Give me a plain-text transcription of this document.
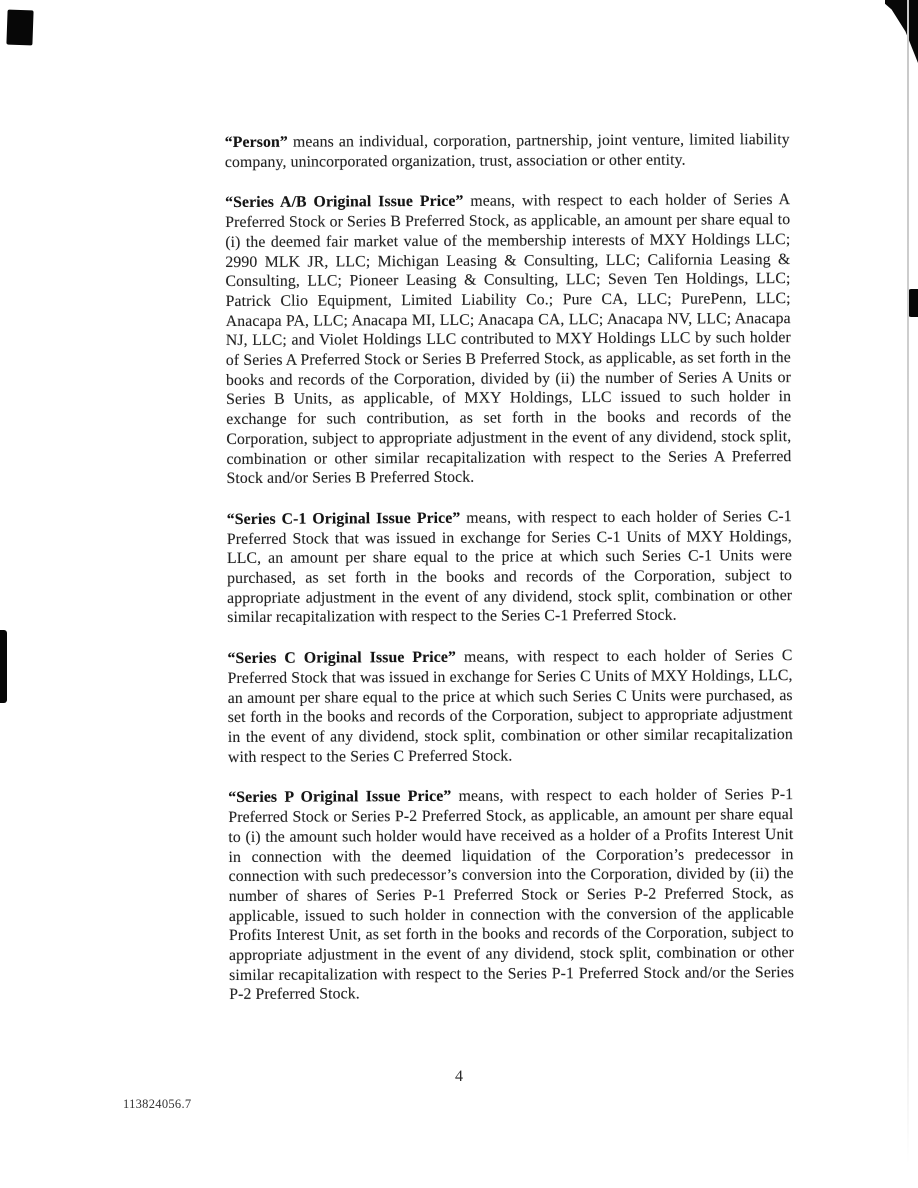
“Person” means an individual, corporation, partnership, joint venture, limited liability company, unincorporated organization, trust, association or other entity.

“Series A/B Original Issue Price” means, with respect to each holder of Series A Preferred Stock or Series B Preferred Stock, as applicable, an amount per share equal to (i) the deemed fair market value of the membership interests of MXY Holdings LLC; 2990 MLK JR, LLC; Michigan Leasing & Consulting, LLC; California Leasing & Consulting, LLC; Pioneer Leasing & Consulting, LLC; Seven Ten Holdings, LLC; Patrick Clio Equipment, Limited Liability Co.; Pure CA, LLC; PurePenn, LLC; Anacapa PA, LLC; Anacapa MI, LLC; Anacapa CA, LLC; Anacapa NV, LLC; Anacapa NJ, LLC; and Violet Holdings LLC contributed to MXY Holdings LLC by such holder of Series A Preferred Stock or Series B Preferred Stock, as applicable, as set forth in the books and records of the Corporation, divided by (ii) the number of Series A Units or Series B Units, as applicable, of MXY Holdings, LLC issued to such holder in exchange for such contribution, as set forth in the books and records of the Corporation, subject to appropriate adjustment in the event of any dividend, stock split, combination or other similar recapitalization with respect to the Series A Preferred Stock and/or Series B Preferred Stock.

“Series C-1 Original Issue Price” means, with respect to each holder of Series C-1 Preferred Stock that was issued in exchange for Series C-1 Units of MXY Holdings, LLC, an amount per share equal to the price at which such Series C-1 Units were purchased, as set forth in the books and records of the Corporation, subject to appropriate adjustment in the event of any dividend, stock split, combination or other similar recapitalization with respect to the Series C-1 Preferred Stock.

“Series C Original Issue Price” means, with respect to each holder of Series C Preferred Stock that was issued in exchange for Series C Units of MXY Holdings, LLC, an amount per share equal to the price at which such Series C Units were purchased, as set forth in the books and records of the Corporation, subject to appropriate adjustment in the event of any dividend, stock split, combination or other similar recapitalization with respect to the Series C Preferred Stock.

“Series P Original Issue Price” means, with respect to each holder of Series P-1 Preferred Stock or Series P-2 Preferred Stock, as applicable, an amount per share equal to (i) the amount such holder would have received as a holder of a Profits Interest Unit in connection with the deemed liquidation of the Corporation’s predecessor in connection with such predecessor’s conversion into the Corporation, divided by (ii) the number of shares of Series P-1 Preferred Stock or Series P-2 Preferred Stock, as applicable, issued to such holder in connection with the conversion of the applicable Profits Interest Unit, as set forth in the books and records of the Corporation, subject to appropriate adjustment in the event of any dividend, stock split, combination or other similar recapitalization with respect to the Series P-1 Preferred Stock and/or the Series P-2 Preferred Stock.

4
113824056.7
